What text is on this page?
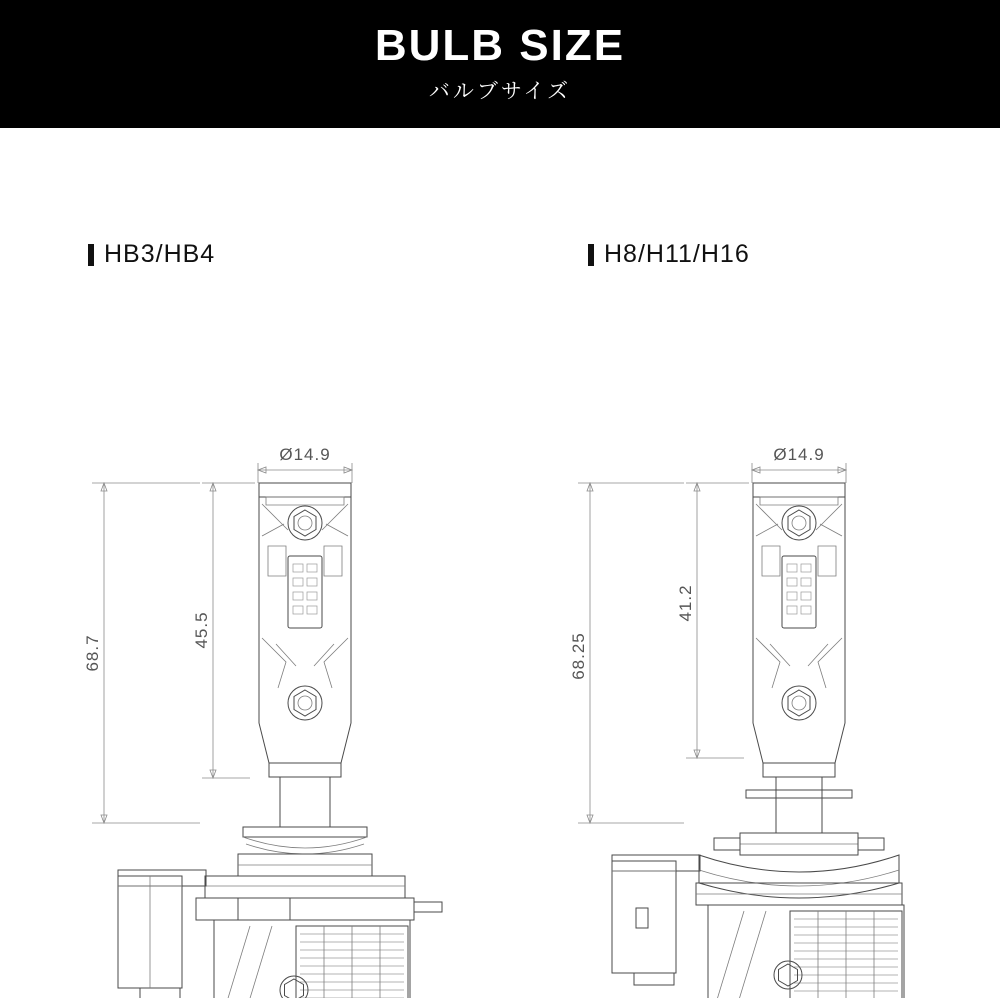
BULB SIZE
バルブサイズ
HB3/HB4
Ø14.9
45.5
68.7
H8/H11/H16
Ø14.9
41.2
68.25
